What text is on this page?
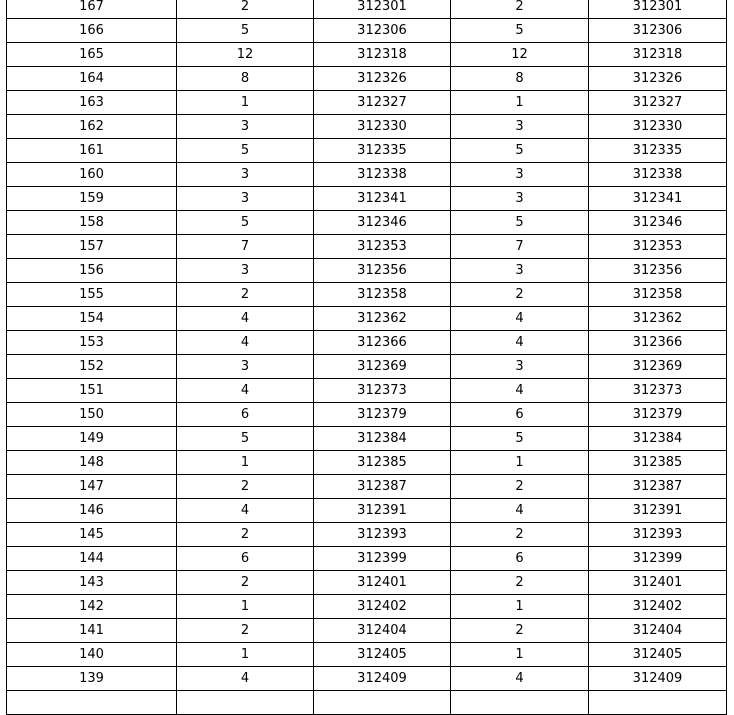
167	2	312301	2	312301
166	5	312306	5	312306
165	12	312318	12	312318
164	8	312326	8	312326
163	1	312327	1	312327
162	3	312330	3	312330
161	5	312335	5	312335
160	3	312338	3	312338
159	3	312341	3	312341
158	5	312346	5	312346
157	7	312353	7	312353
156	3	312356	3	312356
155	2	312358	2	312358
154	4	312362	4	312362
153	4	312366	4	312366
152	3	312369	3	312369
151	4	312373	4	312373
150	6	312379	6	312379
149	5	312384	5	312384
148	1	312385	1	312385
147	2	312387	2	312387
146	4	312391	4	312391
145	2	312393	2	312393
144	6	312399	6	312399
143	2	312401	2	312401
142	1	312402	1	312402
141	2	312404	2	312404
140	1	312405	1	312405
139	4	312409	4	312409
